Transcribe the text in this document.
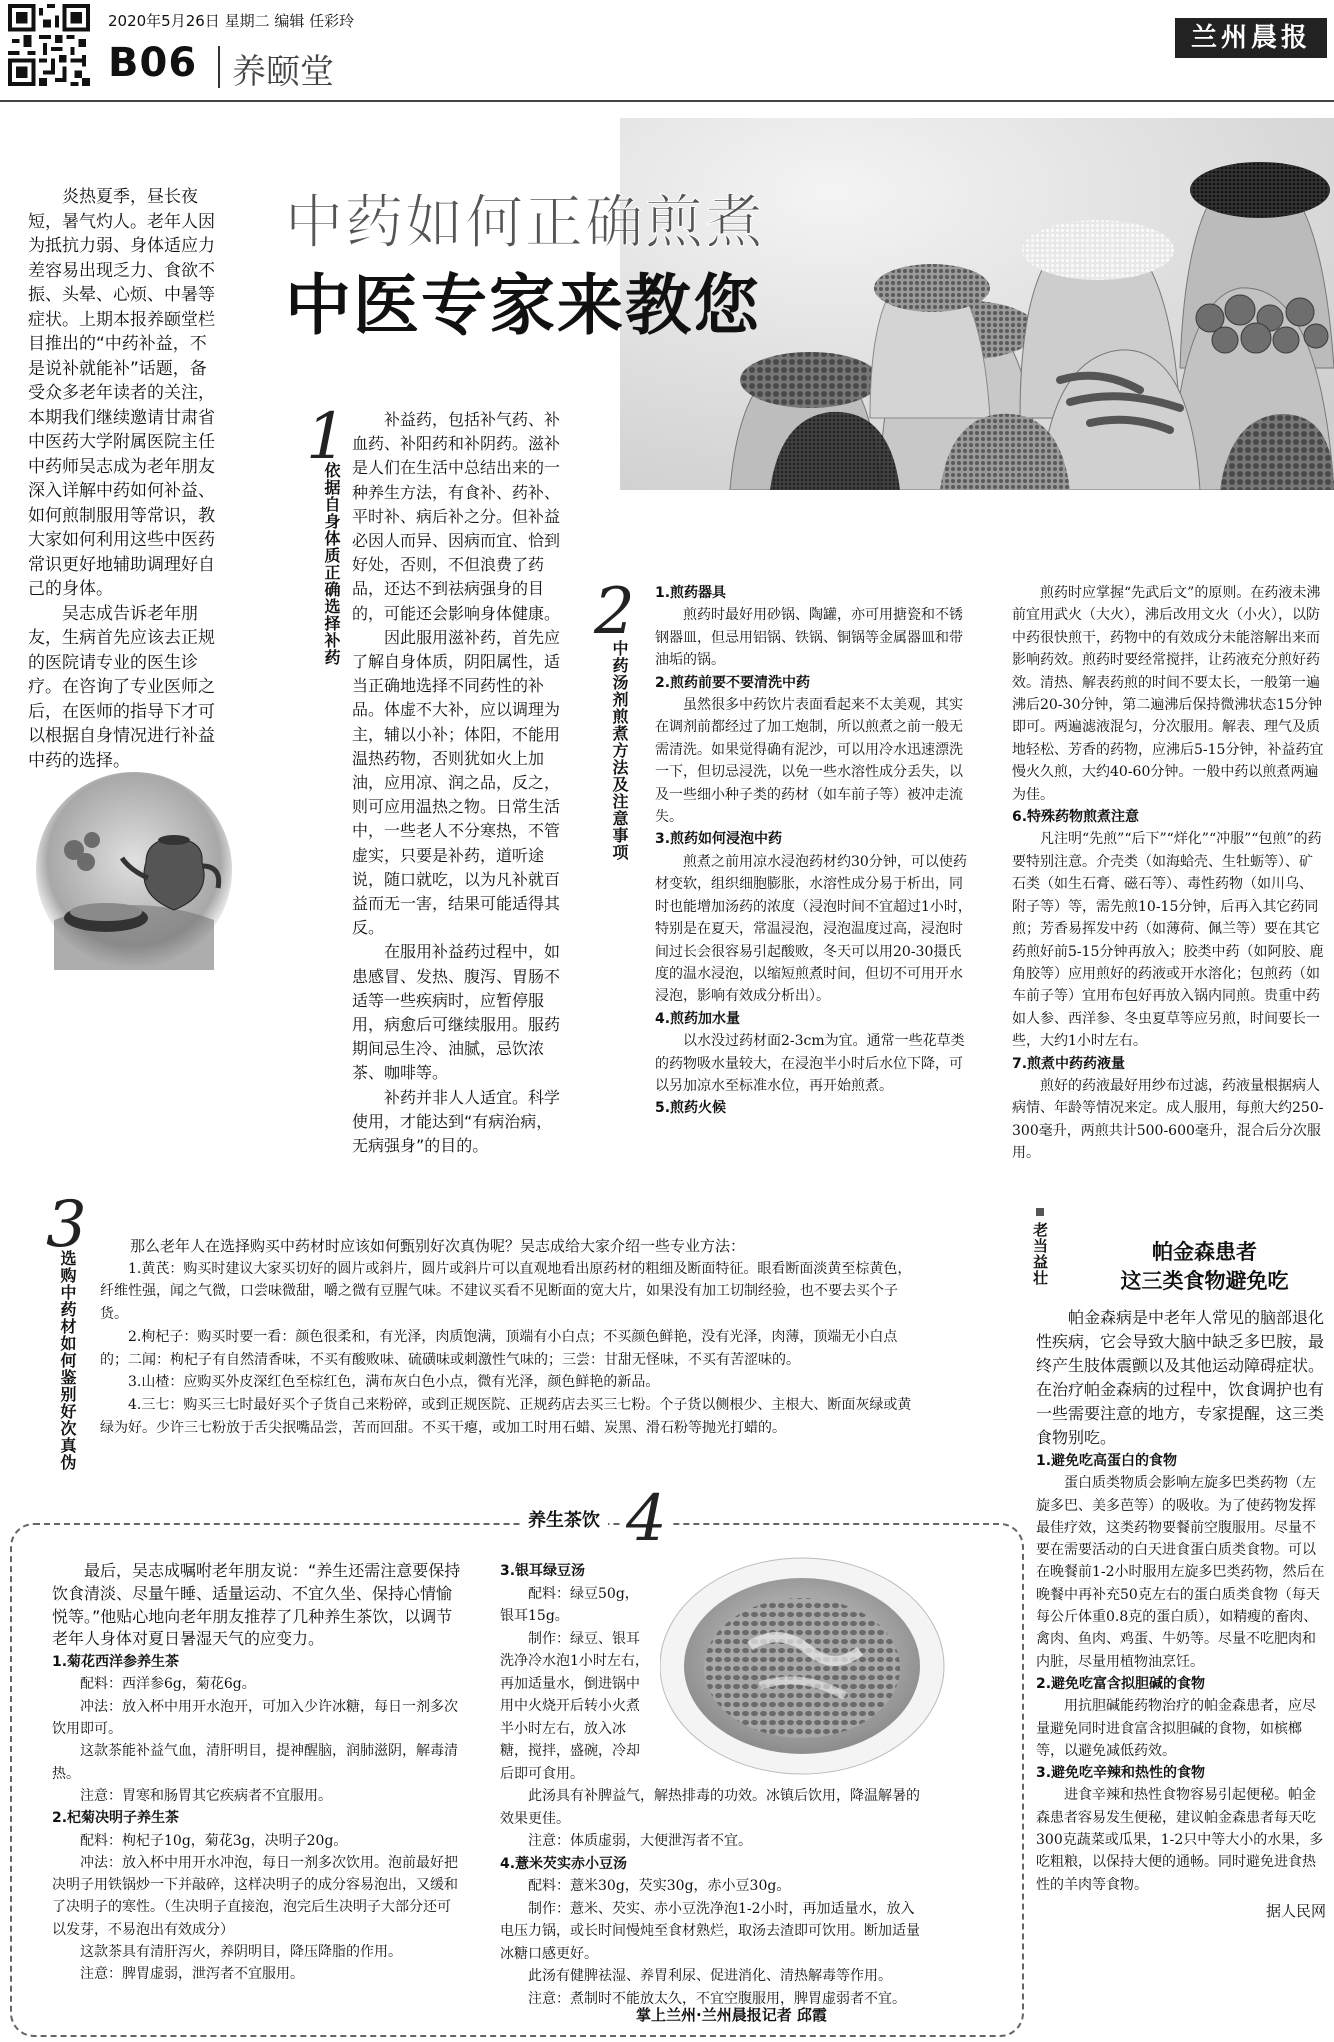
2020年5月26日 星期二 编辑 任彩玲
B06 养颐堂
兰州晨报
中药如何正确煎煮
中医专家来教您

炎热夏季，昼长夜短，暑气灼人。老年人因为抵抗力弱、身体适应力差容易出现乏力、食欲不振、头晕、心烦、中暑等症状。上期本报养颐堂栏目推出的“中药补益，不是说补就能补”话题，备受众多老年读者的关注，本期我们继续邀请甘肃省中医药大学附属医院主任中药师吴志成为老年朋友深入详解中药如何补益、如何煎制服用等常识，教大家如何利用这些中医药常识更好地辅助调理好自己的身体。

吴志成告诉老年朋友，生病首先应该去正规的医院请专业的医生诊疗。在咨询了专业医师之后，在医师的指导下才可以根据自身情况进行补益中药的选择。

1
依据自身体质正确选择补药

补益药，包括补气药、补血药、补阳药和补阴药。滋补是人们在生活中总结出来的一种养生方法，有食补、药补、平时补、病后补之分。但补益必因人而异、因病而宜、恰到好处，否则，不但浪费了药品，还达不到祛病强身的目的，可能还会影响身体健康。

因此服用滋补药，首先应了解自身体质，阴阳属性，适当正确地选择不同药性的补品。体虚不大补，应以调理为主，辅以小补；体阳，不能用温热药物，否则犹如火上加油，应用凉、润之品，反之，则可应用温热之物。日常生活中，一些老人不分寒热，不管虚实，只要是补药，道听途说，随口就吃，以为凡补就百益而无一害，结果可能适得其反。

在服用补益药过程中，如患感冒、发热、腹泻、胃肠不适等一些疾病时，应暂停服用，病愈后可继续服用。服药期间忌生冷、油腻，忌饮浓茶、咖啡等。

补药并非人人适宜。科学使用，才能达到“有病治病，无病强身”的目的。

2
中药汤剂煎煮方法及注意事项

1.煎药器具

煎药时最好用砂锅、陶罐，亦可用搪瓷和不锈钢器皿，但忌用铝锅、铁锅、铜锅等金属器皿和带油垢的锅。

2.煎药前要不要清洗中药

虽然很多中药饮片表面看起来不太美观，其实在调剂前都经过了加工炮制，所以煎煮之前一般无需清洗。如果觉得确有泥沙，可以用冷水迅速漂洗一下，但切忌浸洗，以免一些水溶性成分丢失，以及一些细小种子类的药材（如车前子等）被冲走流失。

3.煎药如何浸泡中药

煎煮之前用凉水浸泡药材约30分钟，可以使药材变软，组织细胞膨胀，水溶性成分易于析出，同时也能增加汤药的浓度（浸泡时间不宜超过1小时，特别是在夏天，常温浸泡，浸泡温度过高，浸泡时间过长会很容易引起酸败，冬天可以用20-30摄氏度的温水浸泡，以缩短煎煮时间，但切不可用开水浸泡，影响有效成分析出）。

4.煎药加水量

以水没过药材面2-3cm为宜。通常一些花草类的药物吸水量较大，在浸泡半小时后水位下降，可以另加凉水至标准水位，再开始煎煮。

5.煎药火候

煎药时应掌握“先武后文”的原则。在药液未沸前宜用武火（大火），沸后改用文火（小火），以防中药很快煎干，药物中的有效成分未能溶解出来而影响药效。煎药时要经常搅拌，让药液充分煎好药效。清热、解表药煎的时间不要太长，一般第一遍沸后20-30分钟，第二遍沸后保持微沸状态15分钟即可。两遍滤液混匀，分次服用。解表、理气及质地轻松、芳香的药物，应沸后5-15分钟，补益药宜慢火久煎，大约40-60分钟。一般中药以煎煮两遍为佳。

6.特殊药物煎煮注意

凡注明“先煎”“后下”“烊化”“冲服”“包煎”的药要特别注意。介壳类（如海蛤壳、生牡蛎等）、矿石类（如生石膏、磁石等）、毒性药物（如川乌、附子等）等，需先煎10-15分钟，后再入其它药同煎；芳香易挥发中药（如薄荷、佩兰等）要在其它药煎好前5-15分钟再放入；胶类中药（如阿胶、鹿角胶等）应用煎好的药液或开水溶化；包煎药（如车前子等）宜用布包好再放入锅内同煎。贵重中药如人参、西洋参、冬虫夏草等应另煎，时间要长一些，大约1小时左右。

7.煎煮中药药液量

煎好的药液最好用纱布过滤，药液量根据病人病情、年龄等情况来定。成人服用，每煎大约250-300毫升，两煎共计500-600毫升，混合后分次服用。

3
选购中药材如何鉴别好次真伪

那么老年人在选择购买中药材时应该如何甄别好次真伪呢？吴志成给大家介绍一些专业方法：

1.黄芪：购买时建议大家买切好的圆片或斜片，圆片或斜片可以直观地看出原药材的粗细及断面特征。眼看断面淡黄至棕黄色，纤维性强，闻之气微，口尝味微甜，嚼之微有豆腥气味。不建议买看不见断面的宽大片，如果没有加工切制经验，也不要去买个子货。

2.枸杞子：购买时要一看：颜色很柔和，有光泽，肉质饱满，顶端有小白点；不买颜色鲜艳，没有光泽，肉薄，顶端无小白点的；二闻：枸杞子有自然清香味，不买有酸败味、硫磺味或刺激性气味的；三尝：甘甜无怪味，不买有苦涩味的。

3.山楂：应购买外皮深红色至棕红色，满布灰白色小点，微有光泽，颜色鲜艳的新品。

4.三七：购买三七时最好买个子货自己来粉碎，或到正规医院、正规药店去买三七粉。个子货以侧根少、主根大、断面灰绿或黄绿为好。少许三七粉放于舌尖抿嘴品尝，苦而回甜。不买干瘪，或加工时用石蜡、炭黑、滑石粉等抛光打蜡的。

老当益壮	帕金森患者
这三类食物避免吃

帕金森病是中老年人常见的脑部退化性疾病，它会导致大脑中缺乏多巴胺，最终产生肢体震颤以及其他运动障碍症状。在治疗帕金森病的过程中，饮食调护也有一些需要注意的地方，专家提醒，这三类食物别吃。

1.避免吃高蛋白的食物

蛋白质类物质会影响左旋多巴类药物（左旋多巴、美多芭等）的吸收。为了使药物发挥最佳疗效，这类药物要餐前空腹服用。尽量不要在需要活动的白天进食蛋白质类食物。可以在晚餐前1-2小时服用左旋多巴类药物，然后在晚餐中再补充50克左右的蛋白质类食物（每天每公斤体重0.8克的蛋白质），如精瘦的畜肉、禽肉、鱼肉、鸡蛋、牛奶等。尽量不吃肥肉和内脏，尽量用植物油烹饪。

2.避免吃富含拟胆碱的食物

用抗胆碱能药物治疗的帕金森患者，应尽量避免同时进食富含拟胆碱的食物，如槟榔等，以避免减低药效。

3.避免吃辛辣和热性的食物

进食辛辣和热性食物容易引起便秘。帕金森患者容易发生便秘，建议帕金森患者每天吃300克蔬菜或瓜果，1-2只中等大小的水果，多吃粗粮，以保持大便的通畅。同时避免进食热性的羊肉等食物。

据人民网
养生茶饮 4

最后，吴志成嘱咐老年朋友说：“养生还需注意要保持饮食清淡、尽量午睡、适量运动、不宜久坐、保持心情愉悦等。”他贴心地向老年朋友推荐了几种养生茶饮，以调节老年人身体对夏日暑湿天气的应变力。

1.菊花西洋参养生茶

配料：西洋参6g，菊花6g。

冲法：放入杯中用开水泡开，可加入少许冰糖，每日一剂多次饮用即可。

这款茶能补益气血，清肝明目，提神醒脑，润肺滋阴，解毒清热。

注意：胃寒和肠胃其它疾病者不宜服用。

2.杞菊决明子养生茶

配料：枸杞子10g，菊花3g，决明子20g。

冲法：放入杯中用开水冲泡，每日一剂多次饮用。泡前最好把决明子用铁锅炒一下并敲碎，这样决明子的成分容易泡出，又缓和了决明子的寒性。（生决明子直接泡，泡完后生决明子大部分还可以发芽，不易泡出有效成分）

这款茶具有清肝泻火，养阴明目，降压降脂的作用。

注意：脾胃虚弱，泄泻者不宜服用。

3.银耳绿豆汤

配料：绿豆50g，银耳15g。

制作：绿豆、银耳洗净冷水泡1小时左右，再加适量水，倒进锅中用中火烧开后转小火煮半小时左右，放入冰糖，搅拌，盛碗，冷却后即可食用。

此汤具有补脾益气，解热排毒的功效。冰镇后饮用，降温解暑的效果更佳。

注意：体质虚弱，大便泄泻者不宜。

4.薏米芡实赤小豆汤

配料：薏米30g，芡实30g，赤小豆30g。

制作：薏米、芡实、赤小豆洗净泡1-2小时，再加适量水，放入电压力锅，或长时间慢炖至食材熟烂，取汤去渣即可饮用。断加适量冰糖口感更好。

此汤有健脾祛湿、养胃利尿、促进消化、清热解毒等作用。

注意：煮制时不能放太久，不宜空腹服用，脾胃虚弱者不宜。

掌上兰州·兰州晨报记者 邱霞
